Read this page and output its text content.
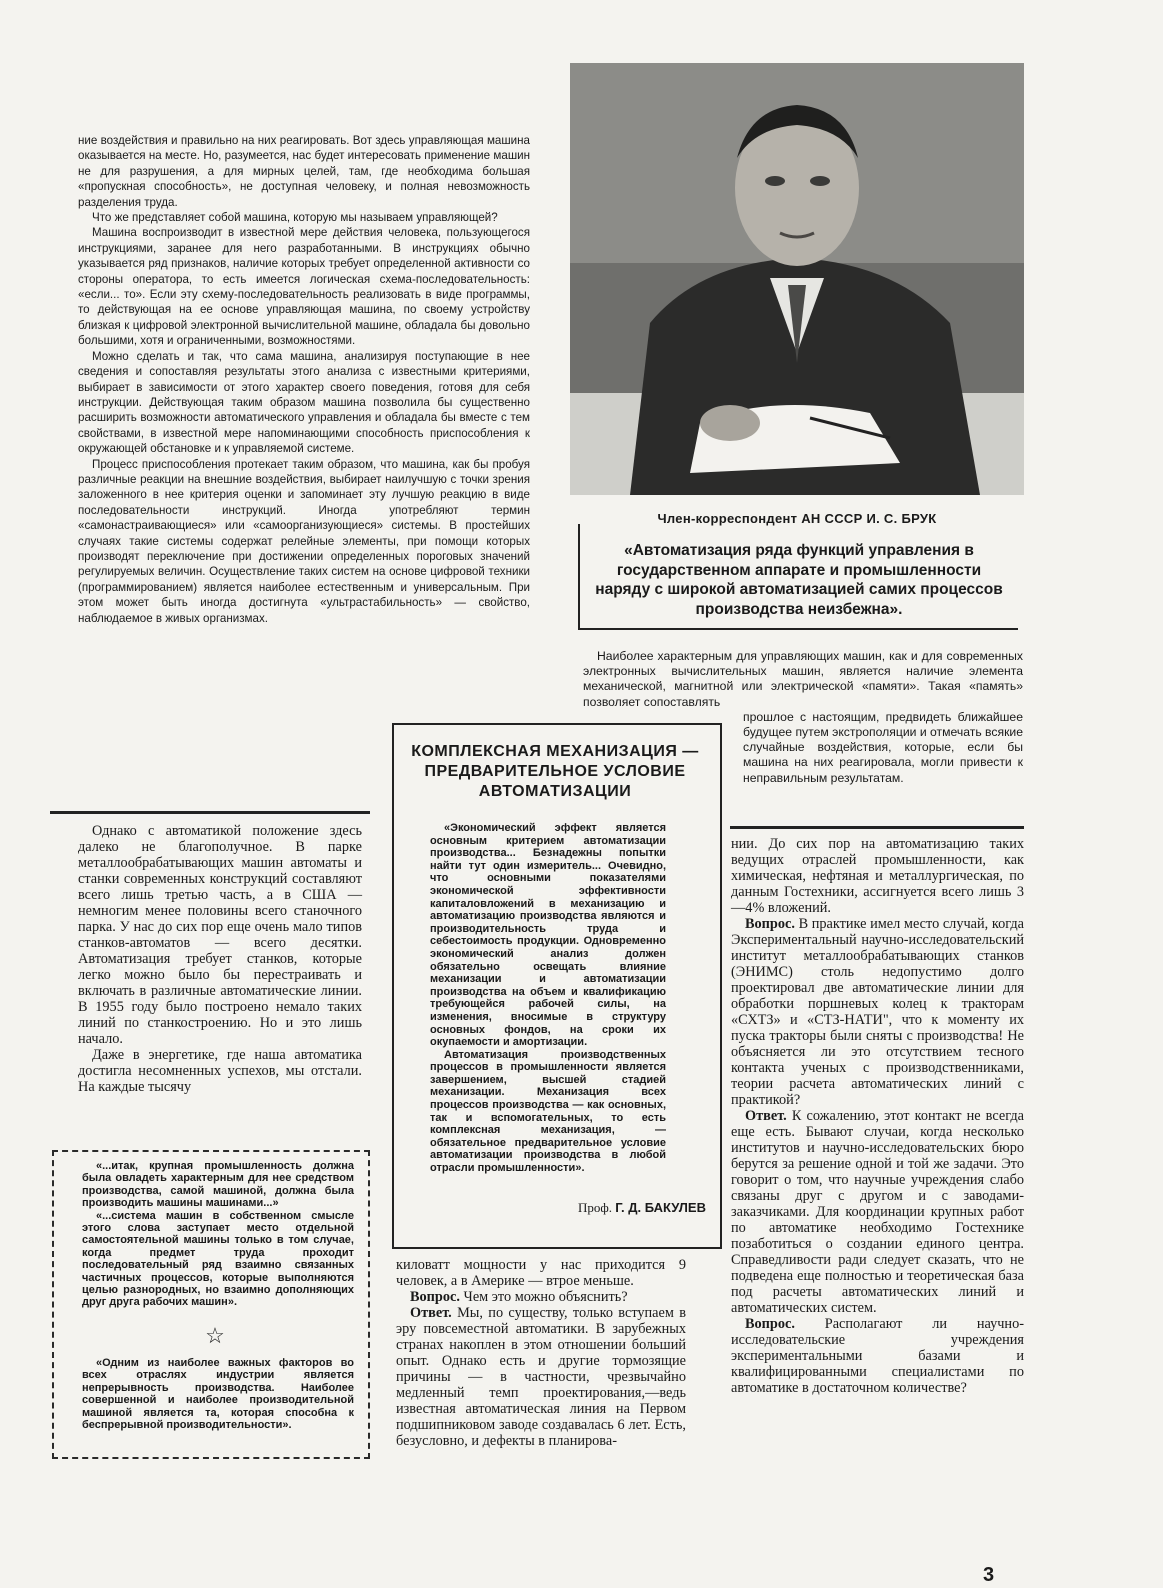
ние воздействия и правильно на них реагировать. Вот здесь управляющая машина оказывается на месте. Но, разумеется, нас будет интересовать применение машин не для разрушения, а для мирных целей, там, где необходима большая «пропускная способность», не доступная человеку, и полная невозможность разделения труда.

Что же представляет собой машина, которую мы называем управляющей?

Машина воспроизводит в известной мере действия человека, пользующегося инструкциями, заранее для него разработанными. В инструкциях обычно указывается ряд признаков, наличие которых требует определенной активности со стороны оператора, то есть имеется логическая схема-последовательность: «если... то». Если эту схему-последовательность реализовать в виде программы, то действующая на ее основе управляющая машина, по своему устройству близкая к цифровой электронной вычислительной машине, обладала бы довольно большими, хотя и ограниченными, возможностями.

Можно сделать и так, что сама машина, анализируя поступающие в нее сведения и сопоставляя результаты этого анализа с известными критериями, выбирает в зависимости от этого характер своего поведения, готовя для себя инструкции. Действующая таким образом машина позволила бы существенно расширить возможности автоматического управления и обладала бы вместе с тем свойствами, в известной мере напоминающими способность приспособления к окружающей обстановке и к управляемой системе.

Процесс приспособления протекает таким образом, что машина, как бы пробуя различные реакции на внешние воздействия, выбирает наилучшую с точки зрения заложенного в нее критерия оценки и запоминает эту лучшую реакцию в виде последовательности инструкций. Иногда употребляют термин «самонастраивающиеся» или «самоорганизующиеся» системы. В простейших случаях такие системы содержат релейные элементы, при помощи которых производят переключение при достижении определенных пороговых значений регулируемых величин. Осуществление таких систем на основе цифровой техники (программированием) является наиболее естественным и универсальным. При этом может быть иногда достигнута «ультрастабильность» — свойство, наблюдаемое в живых организмах.

Член-корреспондент АН СССР И. С. БРУК
«Автоматизация ряда функций управления в государственном аппарате и промышленности наряду с широкой автоматизацией самих процессов производства неизбежна».

Наиболее характерным для управляющих машин, как и для современных электронных вычислительных машин, является наличие элемента механической, магнитной или электрической «памяти». Такая «память» позволяет сопоставлять

прошлое с настоящим, предвидеть ближайшее будущее путем экстрополяции и отмечать всякие случайные воздействия, которые, если бы машина на них реагировала, могли привести к неправильным результатам.

КОМПЛЕКСНАЯ МЕХАНИЗАЦИЯ — ПРЕДВАРИТЕЛЬНОЕ УСЛОВИЕ АВТОМАТИЗАЦИИ

«Экономический эффект является основным критерием автоматизации производства... Безнадежны попытки найти тут один измеритель... Очевидно, что основными показателями экономической эффективности капиталовложений в механизацию и автоматизацию производства являются и производительность труда и себестоимость продукции. Одновременно экономический анализ должен обязательно освещать влияние механизации и автоматизации производства на объем и квалификацию требующейся рабочей силы, на изменения, вносимые в структуру основных фондов, на сроки их окупаемости и амортизации.

Автоматизация производственных процессов в промышленности является завершением, высшей стадией механизации. Механизация всех процессов производства — как основных, так и вспомогательных, то есть комплексная механизация, — обязательное предварительное условие автоматизации производства в любой отрасли промышленности».

Проф. Г. Д. БАКУЛЕВ

Однако с автоматикой положение здесь далеко не благополучное. В парке металлообрабатывающих машин автоматы и станки современных конструкций составляют всего лишь третью часть, а в США — немногим менее половины всего станочного парка. У нас до сих пор еще очень мало типов станков-автоматов — всего десятки. Автоматизация требует станков, которые легко можно было бы перестраивать и включать в различные автоматические линии. В 1955 году было построено немало таких линий по станкостроению. Но и это лишь начало.

Даже в энергетике, где наша автоматика достигла несомненных успехов, мы отстали. На каждые тысячу

«...итак, крупная промышленность должна была овладеть характерным для нее средством производства, самой машиной, должна была производить машины машинами...»

«...система машин в собственном смысле этого слова заступает место отдельной самостоятельной машины только в том случае, когда предмет труда проходит последовательный ряд взаимно связанных частичных процессов, которые выполняются целью разнородных, но взаимно дополняющих друг друга рабочих машин».

☆

«Одним из наиболее важных факторов во всех отраслях индустрии является непрерывность производства. Наиболее совершенной и наиболее производительной машиной является та, которая способна к беспрерывной производительности».

киловатт мощности у нас приходится 9 человек, а в Америке — втрое меньше.

Вопрос. Чем это можно объяснить?

Ответ. Мы, по существу, только вступаем в эру повсеместной автоматики. В зарубежных странах накоплен в этом отношении больший опыт. Однако есть и другие тормозящие причины — в частности, чрезвычайно медленный темп проектирования,—ведь известная автоматическая линия на Первом подшипниковом заводе создавалась 6 лет. Есть, безусловно, и дефекты в планирова-

нии. До сих пор на автоматизацию таких ведущих отраслей промышленности, как химическая, нефтяная и металлургическая, по данным Гостехники, ассигнуется всего лишь 3—4% вложений.

Вопрос. В практике имел место случай, когда Экспериментальный научно-исследовательский институт металлообрабатывающих станков (ЭНИМС) столь недопустимо долго проектировал две автоматические линии для обработки поршневых колец к тракторам «СХТЗ» и «СТЗ-НАТИ", что к моменту их пуска тракторы были сняты с производства! Не объясняется ли это отсутствием тесного контакта ученых с производственниками, теории расчета автоматических линий с практикой?

Ответ. К сожалению, этот контакт не всегда еще есть. Бывают случаи, когда несколько институтов и научно-исследовательских бюро берутся за решение одной и той же задачи. Это говорит о том, что научные учреждения слабо связаны друг с другом и с заводами-заказчиками. Для координации крупных работ по автоматике необходимо Гостехнике позаботиться о создании единого центра. Справедливости ради следует сказать, что не подведена еще полностью и теоретическая база под расчеты автоматических линий и автоматических систем.

Вопрос. Располагают ли научно-исследовательские учреждения экспериментальными базами и квалифицированными специалистами по автоматике в достаточном количестве?

3
